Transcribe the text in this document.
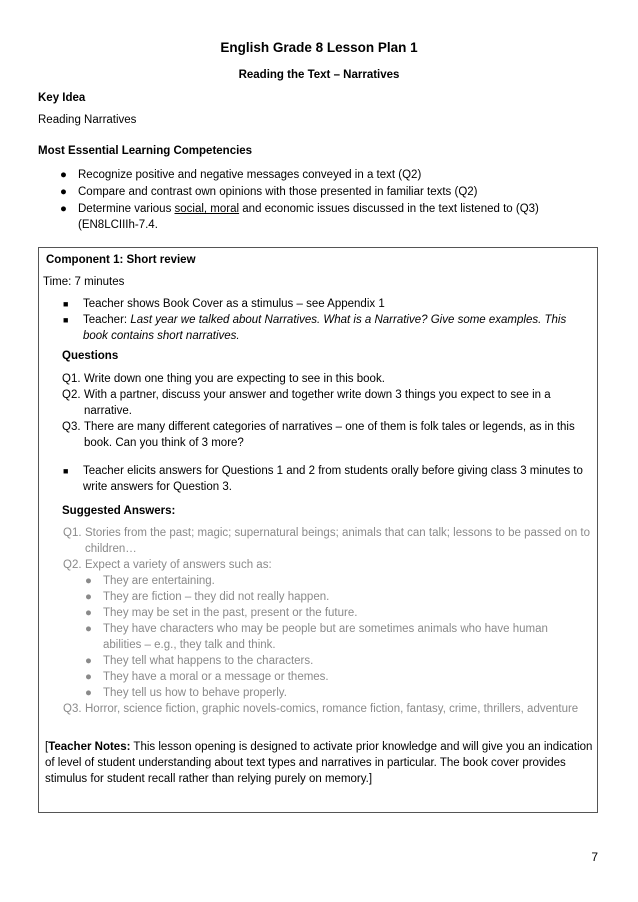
English Grade 8 Lesson Plan 1
Reading the Text – Narratives
Key Idea
Reading Narratives
Most Essential Learning Competencies
● Recognize positive and negative messages conveyed in a text (Q2)
● Compare and contrast own opinions with those presented in familiar texts (Q2)
● Determine various social, moral and economic issues discussed in the text listened to (Q3) (EN8LCIIIh-7.4.
Component 1: Short review
Time: 7 minutes
■ Teacher shows Book Cover as a stimulus – see Appendix 1
■ Teacher: Last year we talked about Narratives. What is a Narrative? Give some examples. This book contains short narratives.
Questions
Q1. Write down one thing you are expecting to see in this book.
Q2. With a partner, discuss your answer and together write down 3 things you expect to see in a narrative.
Q3. There are many different categories of narratives – one of them is folk tales or legends, as in this book. Can you think of 3 more?
■ Teacher elicits answers for Questions 1 and 2 from students orally before giving class 3 minutes to write answers for Question 3.
Suggested Answers:
Q1. Stories from the past; magic; supernatural beings; animals that can talk; lessons to be passed on to children…
Q2. Expect a variety of answers such as:
● They are entertaining.
● They are fiction – they did not really happen.
● They may be set in the past, present or the future.
● They have characters who may be people but are sometimes animals who have human abilities – e.g., they talk and think.
● They tell what happens to the characters.
● They have a moral or a message or themes.
● They tell us how to behave properly.
Q3. Horror, science fiction, graphic novels-comics, romance fiction, fantasy, crime, thrillers, adventure
[Teacher Notes: This lesson opening is designed to activate prior knowledge and will give you an indication of level of student understanding about text types and narratives in particular. The book cover provides stimulus for student recall rather than relying purely on memory.]
7
